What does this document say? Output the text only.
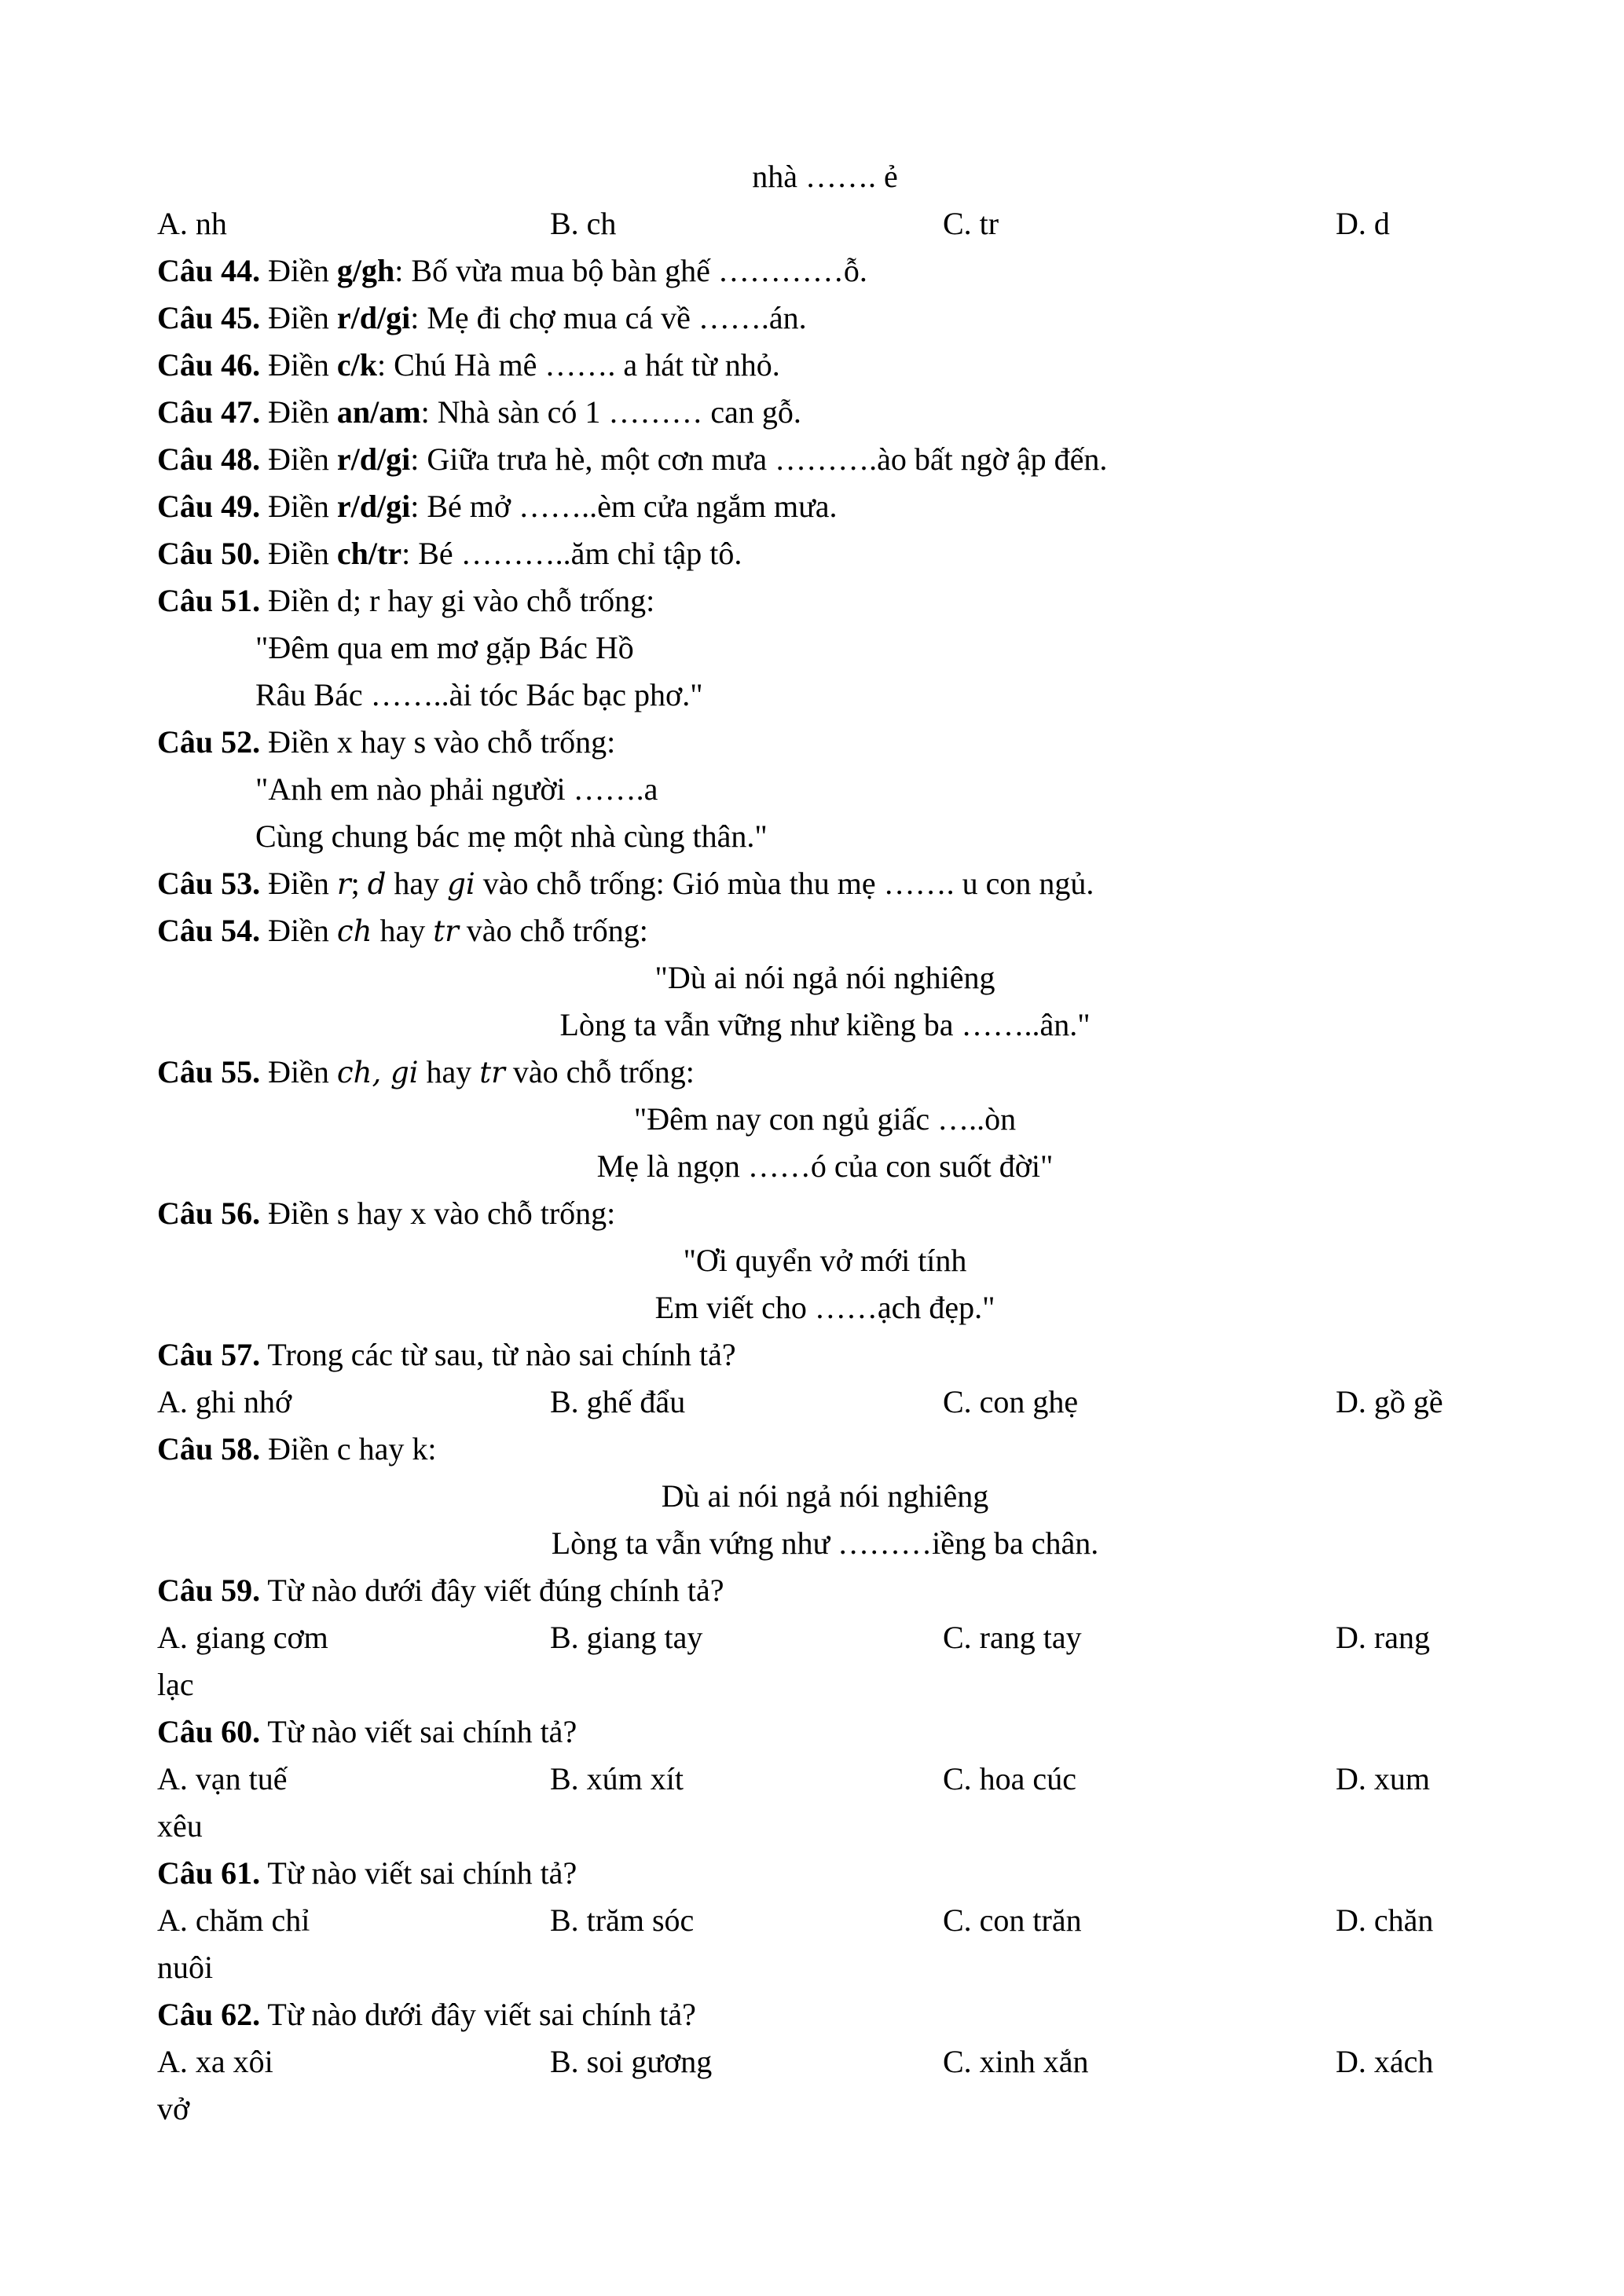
nhà ……. ẻ
A. nh	B. ch	C. tr	D. d
Câu 44. Điền g/gh: Bố vừa mua bộ bàn ghế …………ỗ.
Câu 45. Điền r/d/gi: Mẹ đi chợ mua cá về …….án.
Câu 46. Điền c/k: Chú Hà mê ……. a hát từ nhỏ.
Câu 47. Điền an/am: Nhà sàn có 1 ……… can gỗ.
Câu 48. Điền r/d/gi: Giữa trưa hè, một cơn mưa ……….ào bất ngờ ập đến.
Câu 49. Điền r/d/gi: Bé mở ……..èm cửa ngắm mưa.
Câu 50. Điền ch/tr: Bé ………..ăm chỉ tập tô.
Câu 51. Điền d; r hay gi vào chỗ trống:
"Đêm qua em mơ gặp Bác Hồ
Râu Bác ……..ài tóc Bác bạc phơ."
Câu 52. Điền x hay s vào chỗ trống:
"Anh em nào phải người …….a
Cùng chung bác mẹ một nhà cùng thân."
Câu 53. Điền r; d hay gi vào chỗ trống: Gió mùa thu mẹ ……. u con ngủ.
Câu 54. Điền ch hay tr vào chỗ trống:
"Dù ai nói ngả nói nghiêng
Lòng ta vẫn vững như kiềng ba ……..ân."
Câu 55. Điền ch, gi hay tr vào chỗ trống:
"Đêm nay con ngủ giấc …..òn
Mẹ là ngọn ……ó của con suốt đời"
Câu 56. Điền s hay x vào chỗ trống:
"Ơi quyển vở mới tính
Em viết cho ……ạch đẹp."
Câu 57. Trong các từ sau, từ nào sai chính tả?
A. ghi nhớ	B. ghế đẩu	C. con ghẹ	D. gồ gề
Câu 58. Điền c hay k:
Dù ai nói ngả nói nghiêng
Lòng ta vẫn vứng như ………iềng ba chân.
Câu 59. Từ nào dưới đây viết đúng chính tả?
A. giang cơm	B. giang tay	C. rang tay	D. rang
lạc
Câu 60. Từ nào viết sai chính tả?
A. vạn tuế	B. xúm xít	C. hoa cúc	D. xum
xêu
Câu 61. Từ nào viết sai chính tả?
A. chăm chỉ	B. trăm sóc	C. con trăn	D. chăn
nuôi
Câu 62. Từ nào dưới đây viết sai chính tả?
A. xa xôi	B. soi gương	C. xinh xắn	D. xách
vở
